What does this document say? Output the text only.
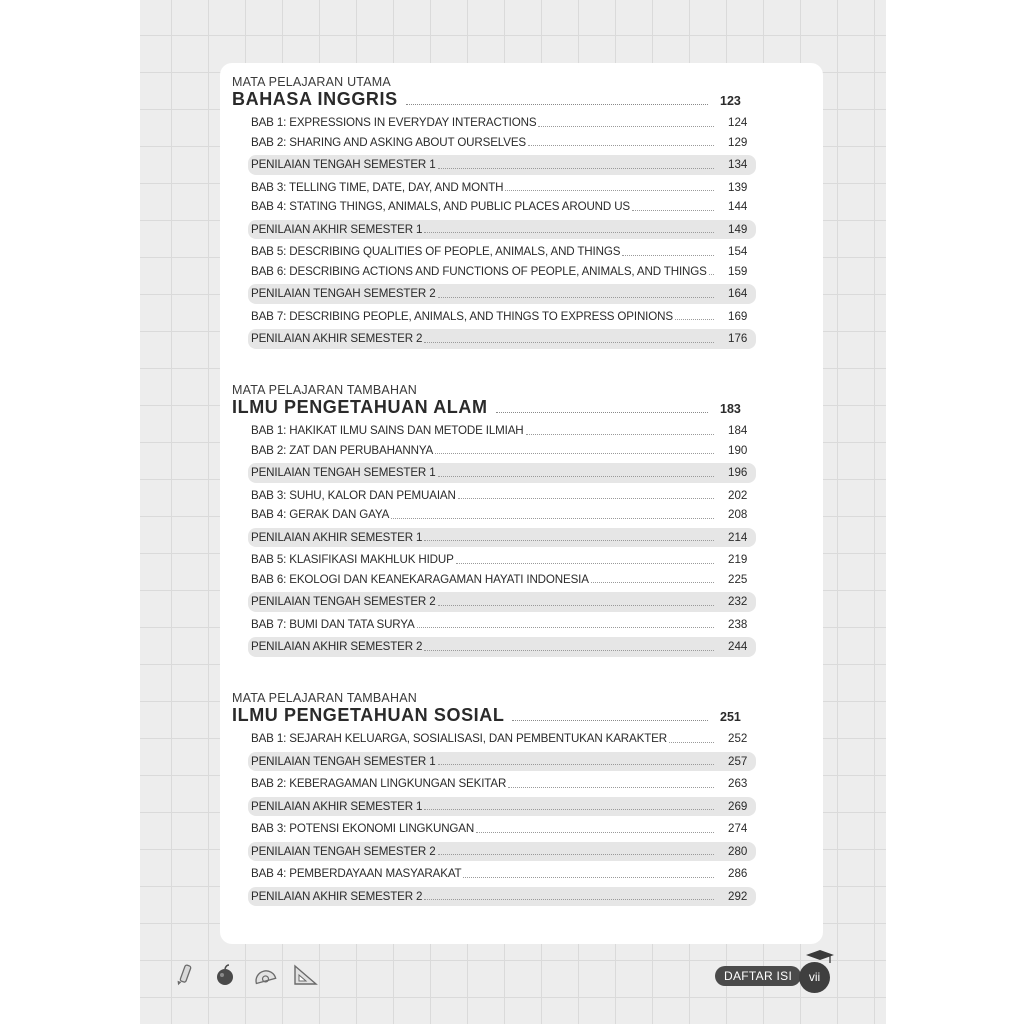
MATA PELAJARAN UTAMA
BAHASA INGGRIS	123
BAB 1: EXPRESSIONS IN EVERYDAY INTERACTIONS	124
BAB 2: SHARING AND ASKING ABOUT OURSELVES	129
PENILAIAN TENGAH SEMESTER 1	134
BAB 3: TELLING TIME, DATE, DAY, AND MONTH	139
BAB 4: STATING THINGS, ANIMALS, AND PUBLIC PLACES AROUND US	144
PENILAIAN AKHIR SEMESTER 1	149
BAB 5: DESCRIBING QUALITIES OF PEOPLE, ANIMALS, AND THINGS	154
BAB 6: DESCRIBING ACTIONS AND FUNCTIONS OF PEOPLE, ANIMALS, AND THINGS 159
PENILAIAN TENGAH SEMESTER 2	164
BAB 7: DESCRIBING PEOPLE, ANIMALS, AND THINGS TO EXPRESS OPINIONS	169
PENILAIAN AKHIR SEMESTER 2	176
MATA PELAJARAN TAMBAHAN
ILMU PENGETAHUAN ALAM	183
BAB 1: HAKIKAT ILMU SAINS DAN METODE ILMIAH	184
BAB 2: ZAT DAN PERUBAHANNYA	190
PENILAIAN TENGAH SEMESTER 1	196
BAB 3: SUHU, KALOR DAN PEMUAIAN	202
BAB 4: GERAK DAN GAYA	208
PENILAIAN AKHIR SEMESTER 1	214
BAB 5: KLASIFIKASI MAKHLUK HIDUP	219
BAB 6: EKOLOGI DAN KEANEKARAGAMAN HAYATI INDONESIA	225
PENILAIAN TENGAH SEMESTER 2	232
BAB 7: BUMI DAN TATA SURYA	238
PENILAIAN AKHIR SEMESTER 2	244
MATA PELAJARAN TAMBAHAN
ILMU PENGETAHUAN SOSIAL	251
BAB 1: SEJARAH KELUARGA, SOSIALISASI, DAN PEMBENTUKAN KARAKTER	252
PENILAIAN TENGAH SEMESTER 1	257
BAB 2: KEBERAGAMAN LINGKUNGAN SEKITAR	263
PENILAIAN AKHIR SEMESTER 1	269
BAB 3: POTENSI EKONOMI LINGKUNGAN	274
PENILAIAN TENGAH SEMESTER 2	280
BAB 4: PEMBERDAYAAN MASYARAKAT	286
PENILAIAN AKHIR SEMESTER 2	292
DAFTAR ISI	vii
